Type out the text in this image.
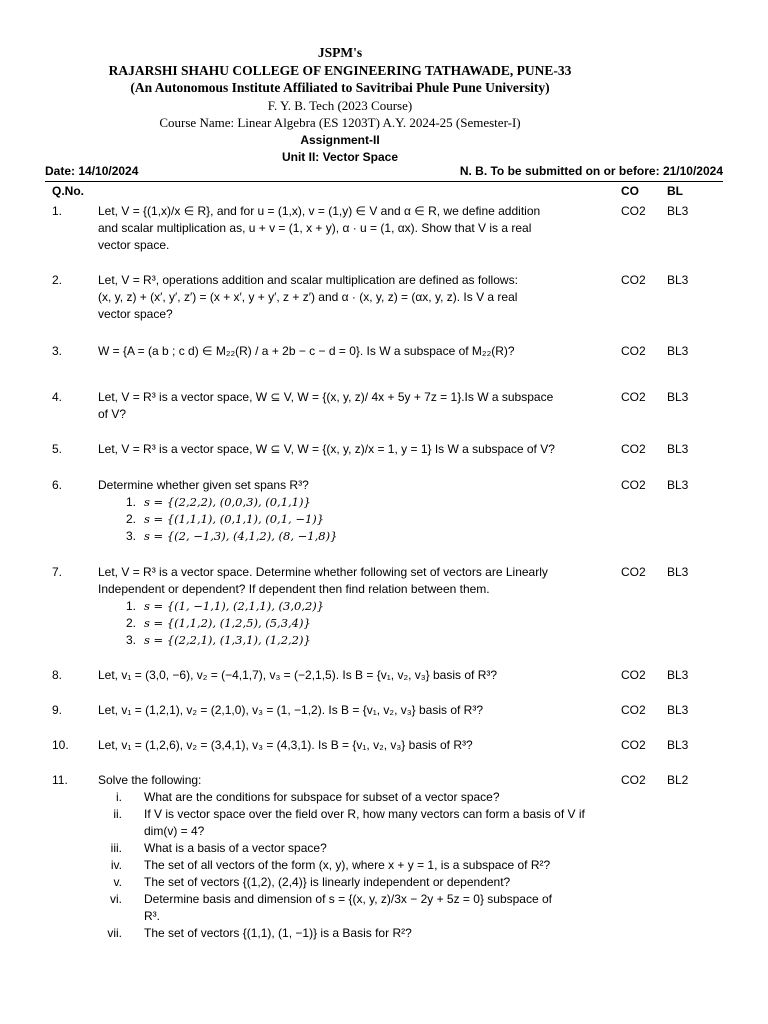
JSPM's
RAJARSHI SHAHU COLLEGE OF ENGINEERING TATHAWADE, PUNE-33
(An Autonomous Institute Affiliated to Savitribai Phule Pune University)
F. Y. B. Tech (2023 Course)
Course Name: Linear Algebra (ES 1203T) A.Y. 2024-25 (Semester-I)
Assignment-II
Unit II: Vector Space
Date: 14/10/2024	N. B. To be submitted on or before: 21/10/2024
Q.No.	CO BL
1.	Let, V = {(1,x)/x ∈ R}, and for u = (1,x), v = (1,y) ∈ V and α ∈ R, we define addition
and scalar multiplication as, u + v = (1, x + y), α · u = (1, αx). Show that V is a real
vector space.
CO2 BL3
2.	Let, V = R³, operations addition and scalar multiplication are defined as follows:
(x, y, z) + (x′, y′, z′) = (x + x′, y + y′, z + z′) and α · (x, y, z) = (αx, y, z). Is V a real
vector space?
CO2 BL3
3.	W = {A = (a b ; c d) ∈ M₂₂(R) / a + 2b − c − d = 0}. Is W a subspace of M₂₂(R)?	CO2 BL3
4.	Let, V = R³ is a vector space, W ⊆ V, W = {(x, y, z)/ 4x + 5y + 7z = 1}.Is W a subspace
of V?
CO2 BL3
5.	Let, V = R³ is a vector space, W ⊆ V, W = {(x, y, z)/x = 1, y = 1} Is W a subspace of V?	CO2 BL3
6.	Determine whether given set spans R³?
1. s = {(2,2,2), (0,0,3), (0,1,1)}
2. s = {(1,1,1), (0,1,1), (0,1, −1)}
3. s = {(2, −1,3), (4,1,2), (8, −1,8)}
CO2 BL3
7.	Let, V = R³ is a vector space. Determine whether following set of vectors are Linearly
Independent or dependent? If dependent then find relation between them.
1. s = {(1, −1,1), (2,1,1), (3,0,2)}
2. s = {(1,1,2), (1,2,5), (5,3,4)}
3. s = {(2,2,1), (1,3,1), (1,2,2)}
CO2 BL3
8.	Let, v₁ = (3,0, −6), v₂ = (−4,1,7), v₃ = (−2,1,5). Is B = {v₁, v₂, v₃} basis of R³?	CO2 BL3
9.	Let, v₁ = (1,2,1), v₂ = (2,1,0), v₃ = (1, −1,2). Is B = {v₁, v₂, v₃} basis of R³?	CO2 BL3
10. Let, v₁ = (1,2,6), v₂ = (3,4,1), v₃ = (4,3,1). Is B = {v₁, v₂, v₃} basis of R³?	CO2 BL3
11.	Solve the following:
i. What are the conditions for subspace for subset of a vector space?
ii. If V is vector space over the field over R, how many vectors can form a basis of V if
dim(v) = 4?
iii. What is a basis of a vector space?
iv. The set of all vectors of the form (x, y), where x + y = 1, is a subspace of R²?
v. The set of vectors {(1,2), (2,4)} is linearly independent or dependent?
vi. Determine basis and dimension of s = {(x, y, z)/3x − 2y + 5z = 0} subspace of
R³.
vii. The set of vectors {(1,1), (1, −1)} is a Basis for R²?
CO2 BL2
